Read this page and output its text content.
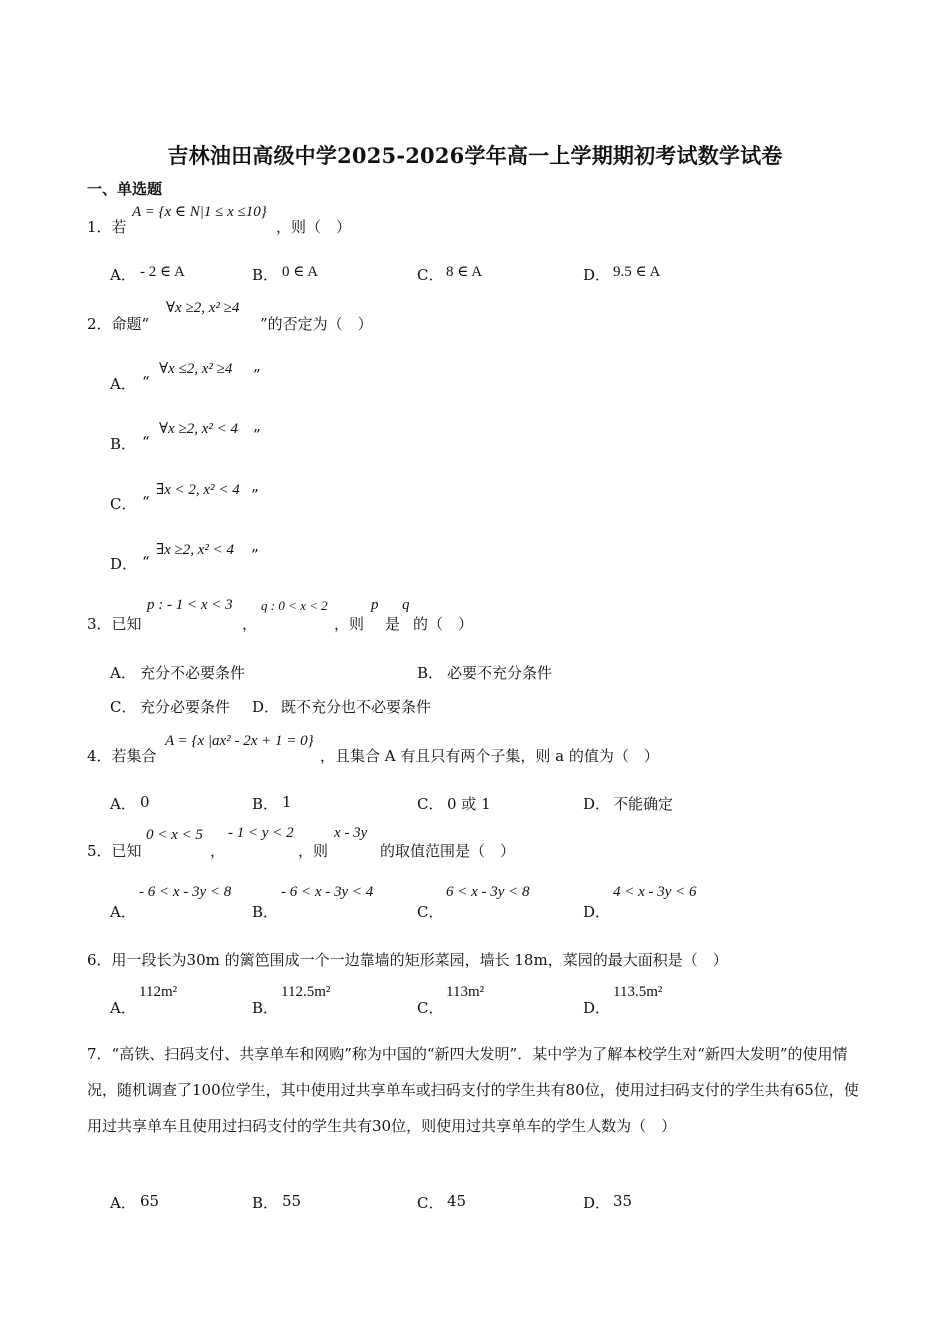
吉林油田高级中学2025-2026学年高一上学期期初考试数学试卷
一、单选题
1．若
A = {x ∈ N|1 ≤ x ≤10}
，则（　）
A． - 2 ∈ A	B． 0 ∈ A	C． 8 ∈ A	D． 9.5 ∈ A
2．命题“
∀x ≥2, x² ≥4
”的否定为（　）
A． “
∀x ≤2, x² ≥4 ”
B． “
∀x ≥2, x² < 4 ”
C． “
∃x < 2, x² < 4 ”
D． “
∃x ≥2, x² < 4 ”
3．已知
p : - 1 < x < 3
，
q : 0 < x < 2
，则
p
是
q
的（　）
A． 充分不必要条件	B． 必要不充分条件
C． 充分必要条件 D． 既不充分也不必要条件
4．若集合
A = {x |ax² - 2x + 1 = 0}
，且集合 A 有且只有两个子集，则 a 的值为（　）
A． 0	B． 1	C． 0 或 1	D． 不能确定
5．已知
0 < x < 5
，
- 1 < y < 2
，则
x - 3y
的取值范围是（　）
A．
- 6 < x - 3y < 8
B．
- 6 < x - 3y < 4
C．
6 < x - 3y < 8
D．
4 < x - 3y < 6
6．用一段长为30m 的篱笆围成一个一边靠墙的矩形菜园，墙长 18m，菜园的最大面积是（　）
A．
112m²
B．
112.5m²
C．
113m²
D．
113.5m²
7．“高铁、扫码支付、共享单车和网购”称为中国的“新四大发明”．某中学为了解本校学生对“新四大发明”的使用情况，随机调查了100位学生，其中使用过共享单车或扫码支付的学生共有80位，使用过扫码支付的学生共有65位，使用过共享单车且使用过扫码支付的学生共有30位，则使用过共享单车的学生人数为（　）
A． 65	B． 55	C． 45	D． 35
